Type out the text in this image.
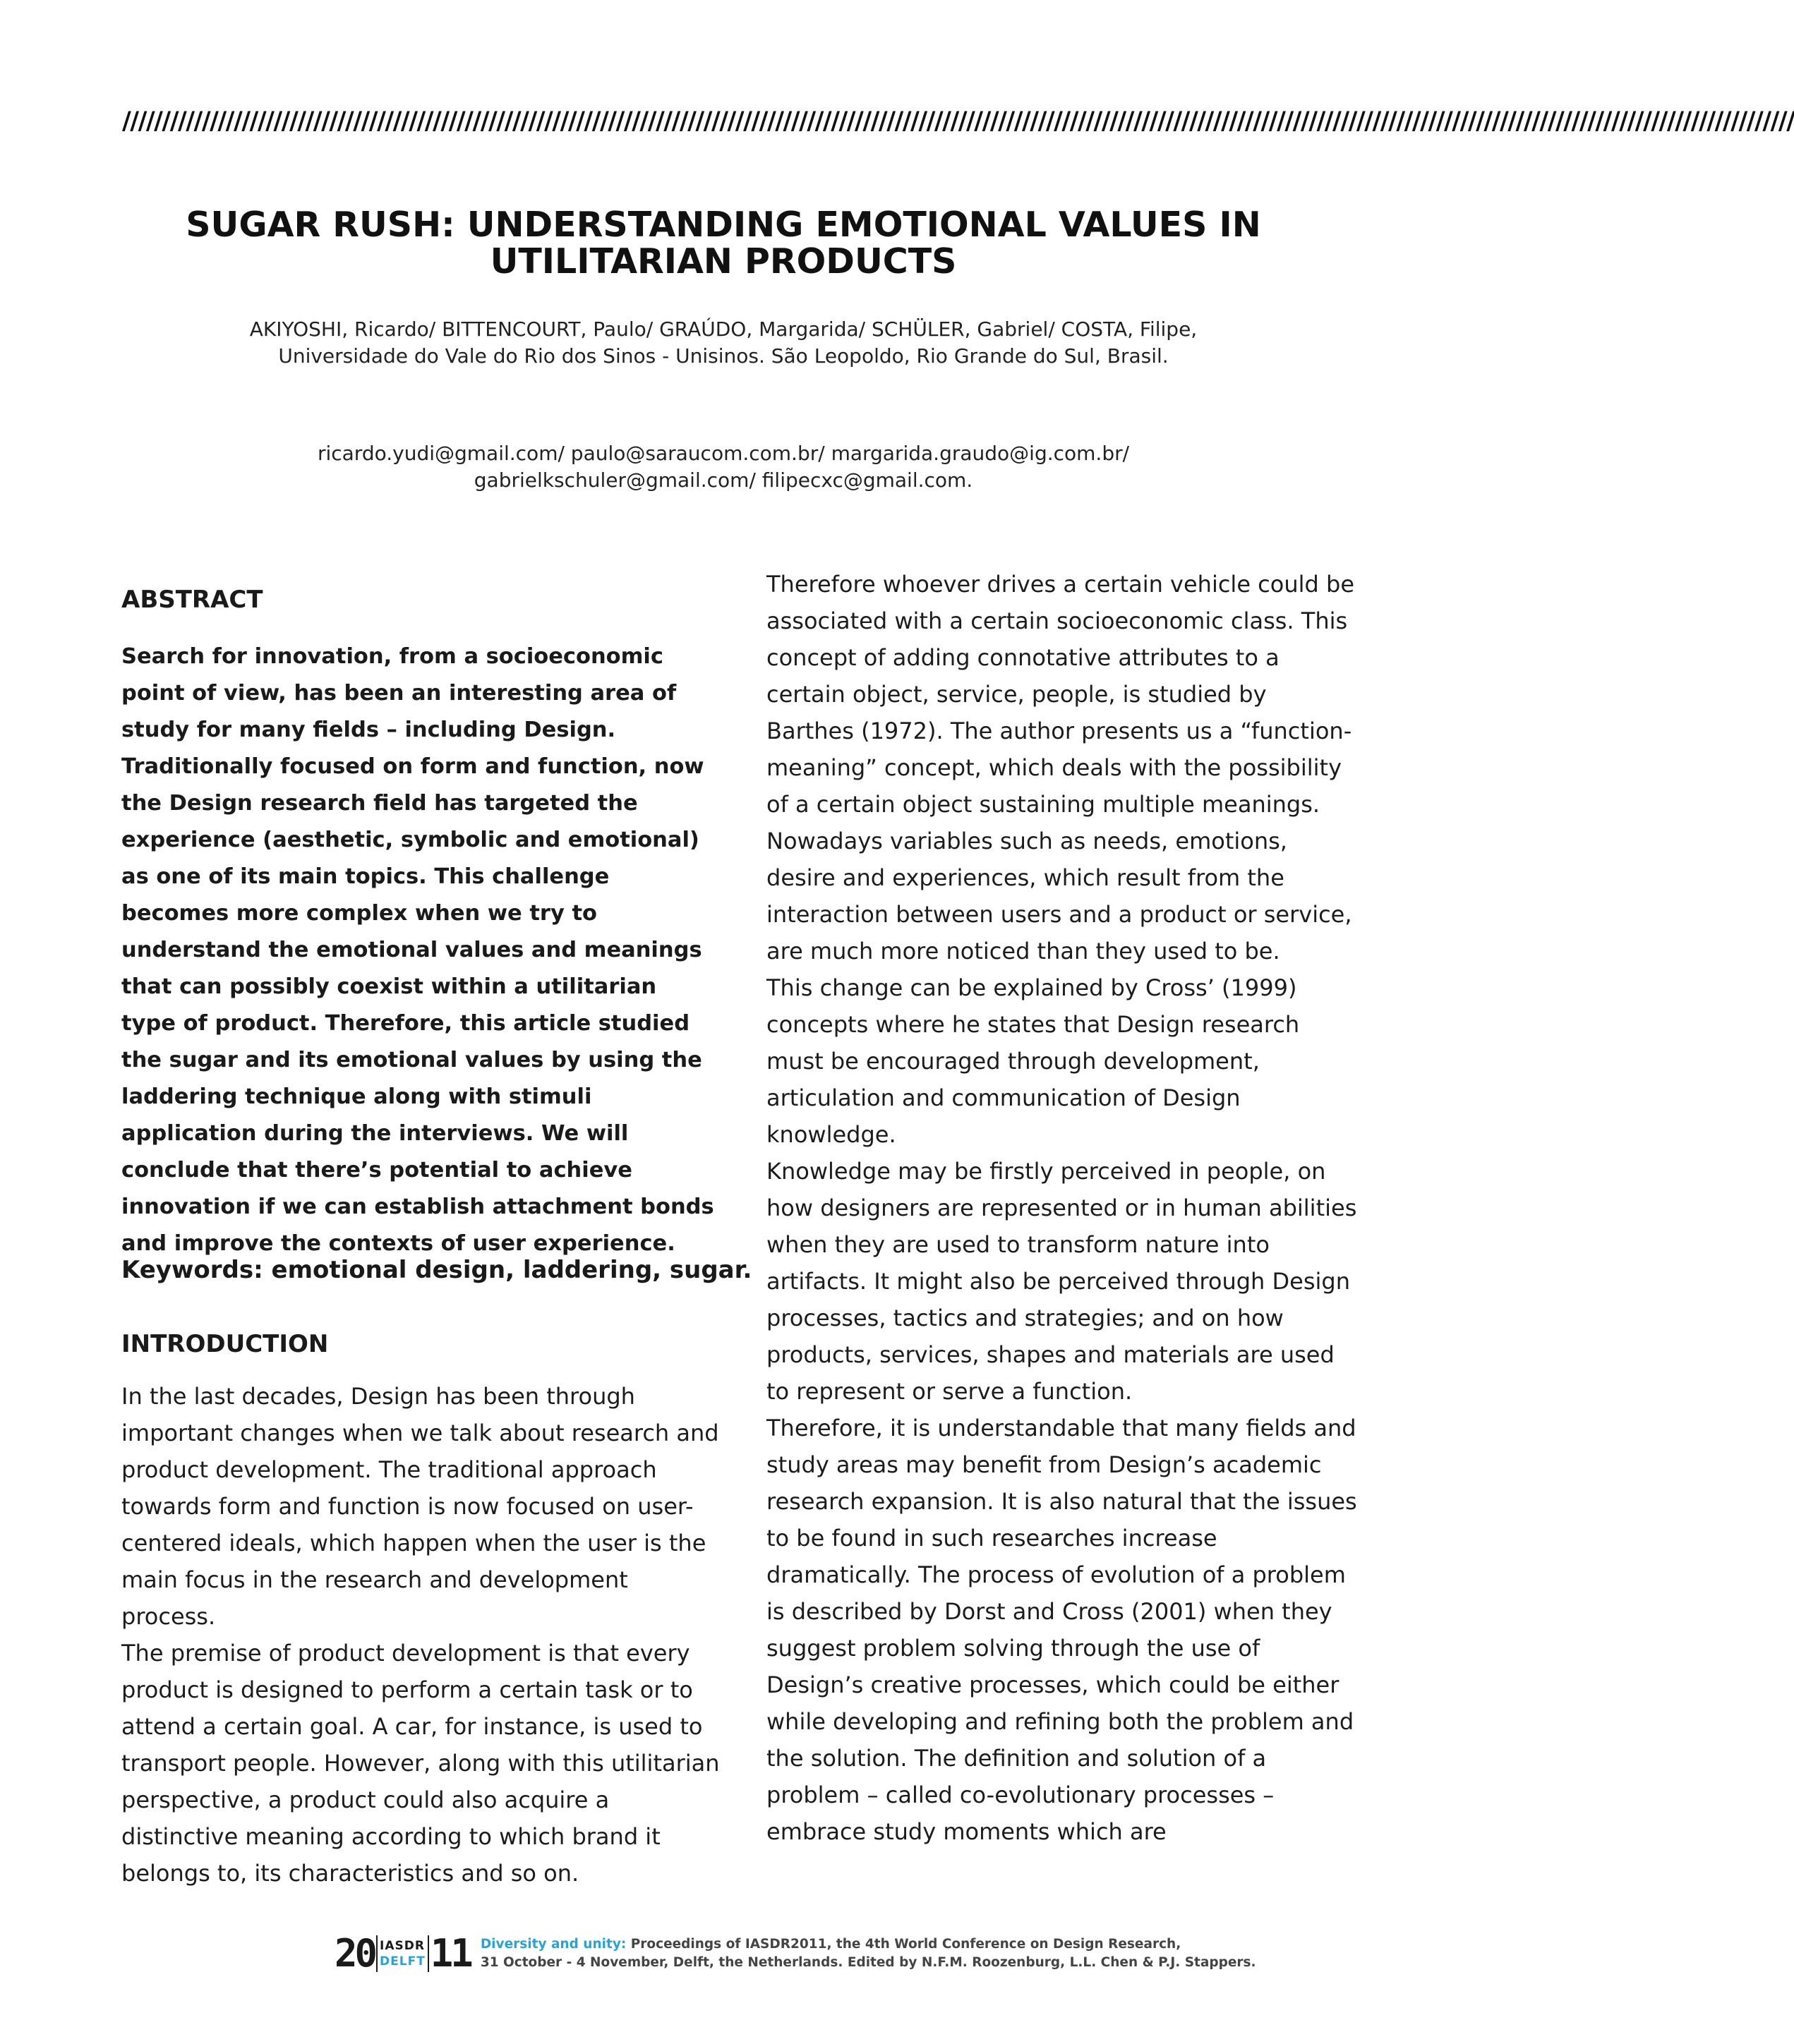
//////////////////////////////////////////////////////////////////////////////////////////////////////////////////////////////////////////////////////////////////////////////////////////////////////////////////
SUGAR RUSH: UNDERSTANDING EMOTIONAL VALUES IN
UTILITARIAN PRODUCTS
AKIYOSHI, Ricardo/ BITTENCOURT, Paulo/ GRAÚDO, Margarida/ SCHÜLER, Gabriel/ COSTA, Filipe,
Universidade do Vale do Rio dos Sinos - Unisinos. São Leopoldo, Rio Grande do Sul, Brasil.
ricardo.yudi@gmail.com/ paulo@saraucom.com.br/ margarida.graudo@ig.com.br/
gabrielkschuler@gmail.com/ filipecxc@gmail.com.
ABSTRACT
Search for innovation, from a socioeconomic point of view, has been an interesting area of study for many fields – including Design. Traditionally focused on form and function, now the Design research field has targeted the experience (aesthetic, symbolic and emotional) as one of its main topics. This challenge becomes more complex when we try to understand the emotional values and meanings that can possibly coexist within a utilitarian type of product. Therefore, this article studied the sugar and its emotional values by using the laddering technique along with stimuli application during the interviews. We will conclude that there’s potential to achieve innovation if we can establish attachment bonds and improve the contexts of user experience.
Keywords: emotional design, laddering, sugar.
INTRODUCTION

In the last decades, Design has been through important changes when we talk about research and product development. The traditional approach towards form and function is now focused on user-centered ideals, which happen when the user is the main focus in the research and development process.

The premise of product development is that every product is designed to perform a certain task or to attend a certain goal. A car, for instance, is used to transport people. However, along with this utilitarian perspective, a product could also acquire a distinctive meaning according to which brand it belongs to, its characteristics and so on.

Therefore whoever drives a certain vehicle could be associated with a certain socioeconomic class. This concept of adding connotative attributes to a certain object, service, people, is studied by Barthes (1972). The author presents us a “function-meaning” concept, which deals with the possibility of a certain object sustaining multiple meanings. Nowadays variables such as needs, emotions, desire and experiences, which result from the interaction between users and a product or service, are much more noticed than they used to be.

This change can be explained by Cross’ (1999) concepts where he states that Design research must be encouraged through development, articulation and communication of Design knowledge.

Knowledge may be firstly perceived in people, on how designers are represented or in human abilities when they are used to transform nature into artifacts. It might also be perceived through Design processes, tactics and strategies; and on how products, services, shapes and materials are used to represent or serve a function.

Therefore, it is understandable that many fields and study areas may benefit from Design’s academic research expansion. It is also natural that the issues to be found in such researches increase dramatically. The process of evolution of a problem is described by Dorst and Cross (2001) when they suggest problem solving through the use of Design’s creative processes, which could be either while developing and refining both the problem and the solution. The definition and solution of a problem – called co-evolutionary processes – embrace study moments which are

20 IASDR
DELFT 11 Diversity and unity: Proceedings of IASDR2011, the 4th World Conference on Design Research,
31 October - 4 November, Delft, the Netherlands. Edited by N.F.M. Roozenburg, L.L. Chen & P.J. Stappers.
